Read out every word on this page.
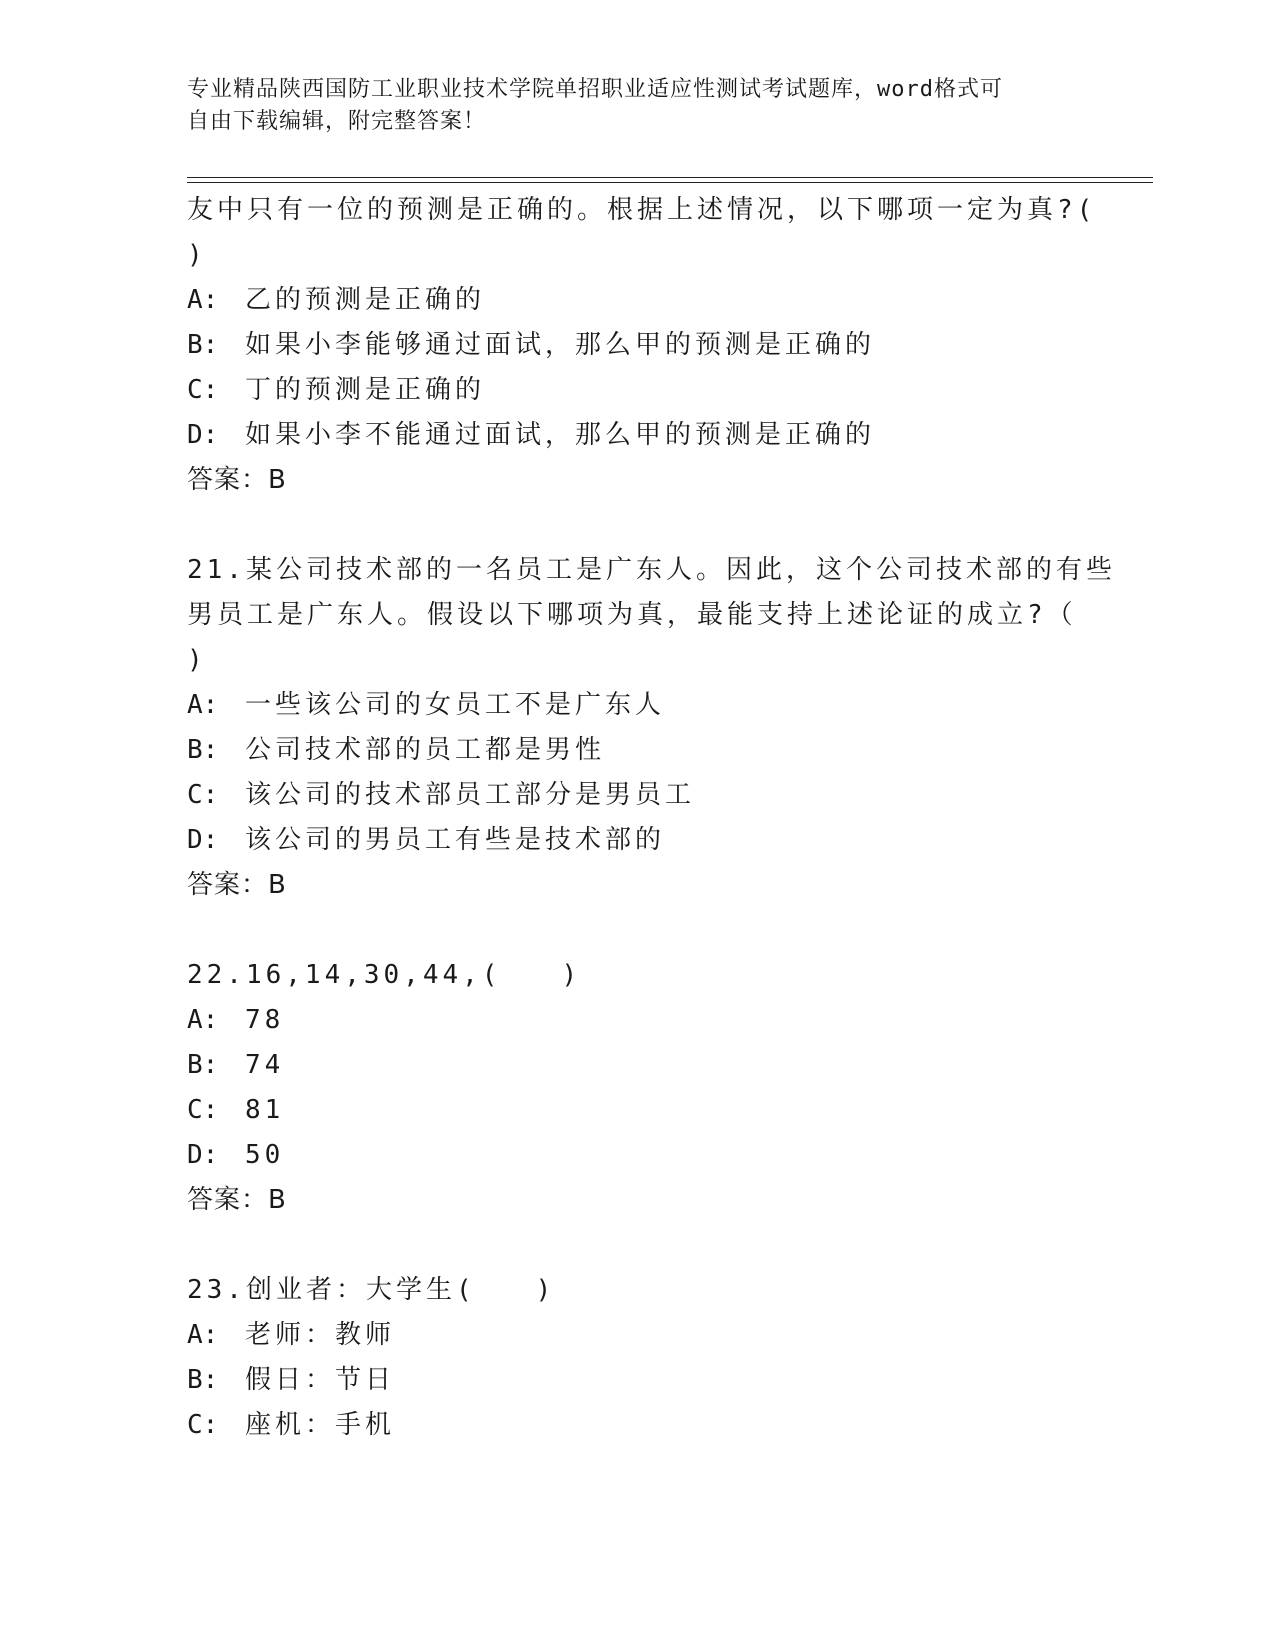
专业精品陕西国防工业职业技术学院单招职业适应性测试考试题库，word格式可
自由下载编辑，附完整答案！
友中只有一位的预测是正确的。根据上述情况，以下哪项一定为真?(
)
A: 乙的预测是正确的
B: 如果小李能够通过面试，那么甲的预测是正确的
C: 丁的预测是正确的
D: 如果小李不能通过面试，那么甲的预测是正确的
答案：B
21.某公司技术部的一名员工是广东人。因此，这个公司技术部的有些
男员工是广东人。假设以下哪项为真，最能支持上述论证的成立?（
)
A: 一些该公司的女员工不是广东人
B: 公司技术部的员工都是男性
C: 该公司的技术部员工部分是男员工
D: 该公司的男员工有些是技术部的
答案：B
22.16,14,30,44,(　　)
A: 78
B: 74
C: 81
D: 50
答案：B
23.创业者：大学生(　　)
A: 老师：教师
B: 假日：节日
C: 座机：手机
